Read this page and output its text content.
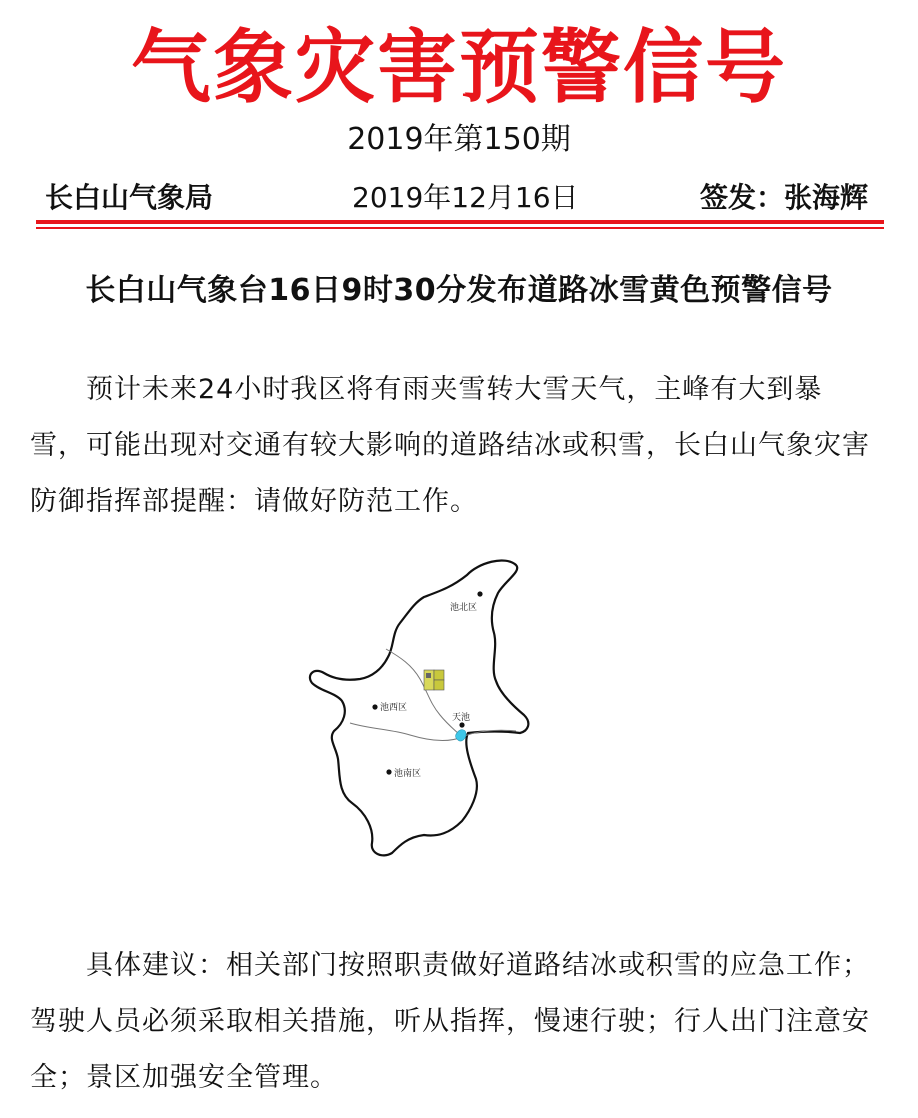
气象灾害预警信号
2019年第150期
长白山气象局	2019年12月16日	签发：张海辉
长白山气象台16日9时30分发布道路冰雪黄色预警信号
预计未来24小时我区将有雨夹雪转大雪天气，主峰有大到暴雪，可能出现对交通有较大影响的道路结冰或积雪，长白山气象灾害防御指挥部提醒：请做好防范工作。
池北区
池西区
天池
池南区
具体建议：相关部门按照职责做好道路结冰或积雪的应急工作；驾驶人员必须采取相关措施，听从指挥，慢速行驶；行人出门注意安全；景区加强安全管理。
